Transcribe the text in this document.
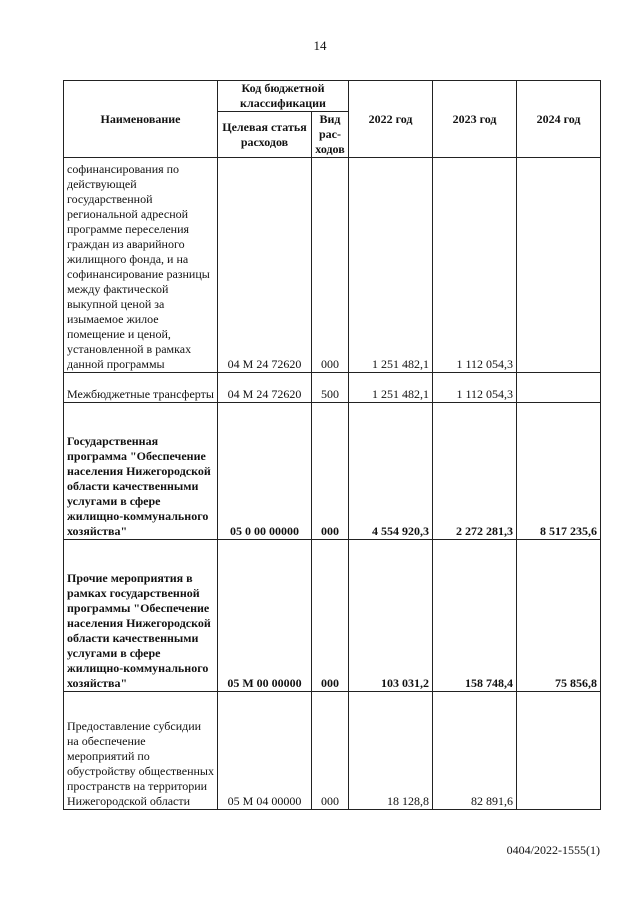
14
Наименование	Код бюджетной классификации		2022 год	2023 год	2024 год
	Целевая статья расходов	Вид рас-ходов			
софинансирования по действующей государственной региональной адресной программе переселения граждан из аварийного жилищного фонда, и на софинансирование разницы между фактической выкупной ценой за изымаемое жилое помещение и ценой, установленной в рамках данной программы	04 М 24 72620	000	1 251 482,1	1 112 054,3	
Межбюджетные трансферты	04 М 24 72620	500	1 251 482,1	1 112 054,3	
Государственная программа "Обеспечение населения Нижегородской области качественными услугами в сфере жилищно-коммунального хозяйства"	05 0 00 00000	000	4 554 920,3	2 272 281,3	8 517 235,6
Прочие мероприятия в рамках государственной программы "Обеспечение населения Нижегородской области качественными услугами в сфере жилищно-коммунального хозяйства"	05 М 00 00000	000	103 031,2	158 748,4	75 856,8
Предоставление субсидии на обеспечение мероприятий по обустройству общественных пространств на территории Нижегородской области	05 М 04 00000	000	18 128,8	82 891,6	
0404/2022-1555(1)
